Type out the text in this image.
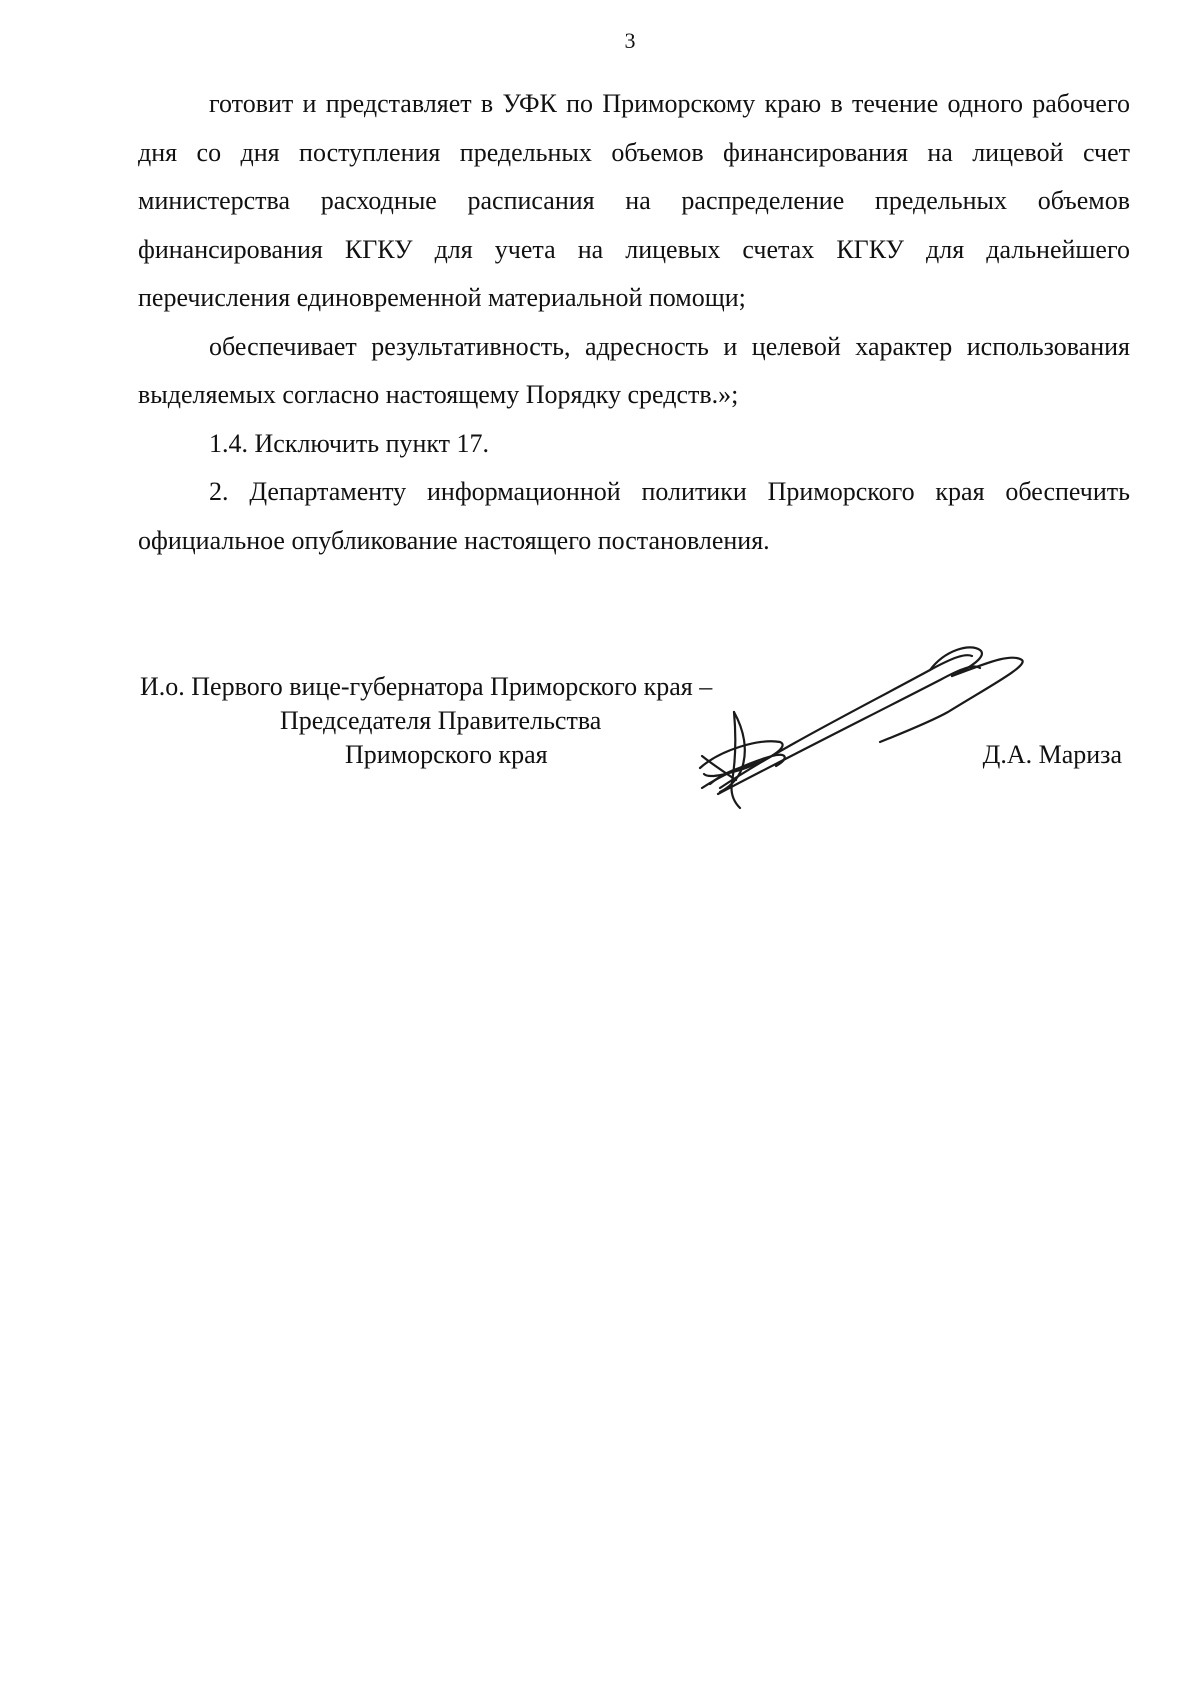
3

готовит и представляет в УФК по Приморскому краю в течение одного рабочего дня со дня поступления предельных объемов финансирования на лицевой счет министерства расходные расписания на распределение предельных объемов финансирования КГКУ для учета на лицевых счетах КГКУ для дальнейшего перечисления единовременной материальной помощи;

обеспечивает результативность, адресность и целевой характер использования выделяемых согласно настоящему Порядку средств.»;

1.4. Исключить пункт 17.

2. Департаменту информационной политики Приморского края обеспечить официальное опубликование настоящего постановления.

И.о. Первого вице-губернатора Приморского края –
Председателя Правительства
Приморского края	Д.А. Мариза
